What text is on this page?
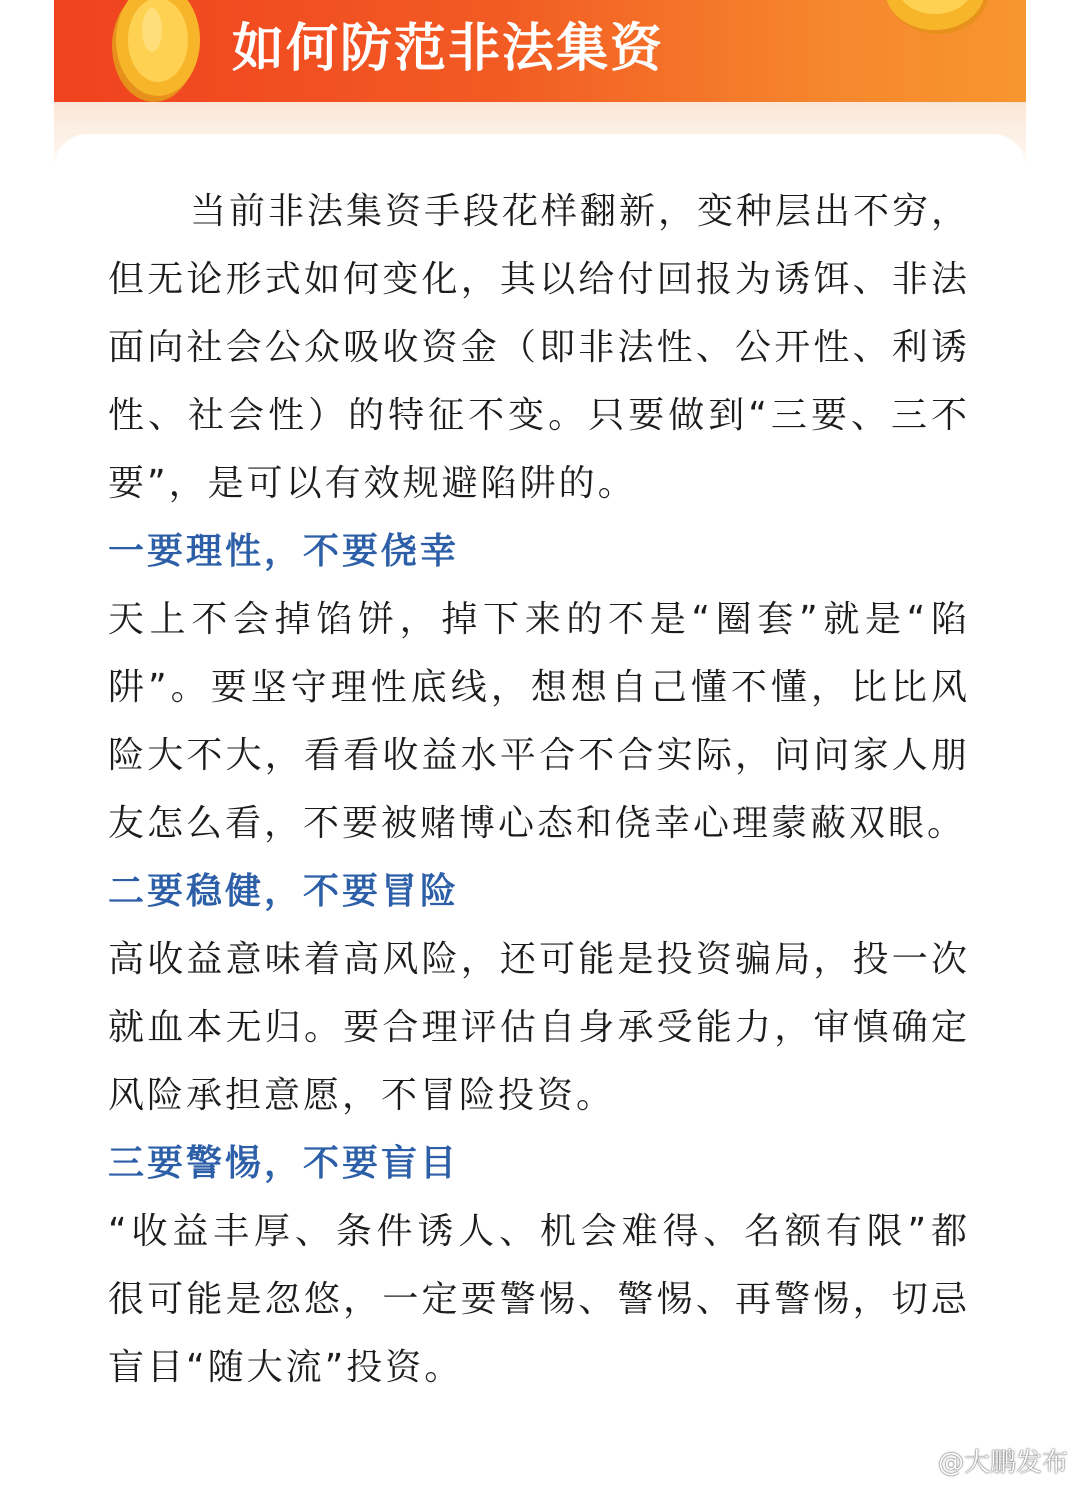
如何防范非法集资

当前非法集资手段花样翻新，变种层出不穷，但无论形式如何变化，其以给付回报为诱饵、非法面向社会公众吸收资金（即非法性、公开性、利诱性、社会性）的特征不变。只要做到“三要、三不要”，是可以有效规避陷阱的。

一要理性，不要侥幸

天上不会掉馅饼，掉下来的不是“圈套”就是“陷阱”。要坚守理性底线，想想自己懂不懂，比比风险大不大，看看收益水平合不合实际，问问家人朋友怎么看，不要被赌博心态和侥幸心理蒙蔽双眼。

二要稳健，不要冒险

高收益意味着高风险，还可能是投资骗局，投一次就血本无归。要合理评估自身承受能力，审慎确定风险承担意愿，不冒险投资。

三要警惕，不要盲目

“收益丰厚、条件诱人、机会难得、名额有限”都很可能是忽悠，一定要警惕、警惕、再警惕，切忌盲目“随大流”投资。

@大鹏发布
